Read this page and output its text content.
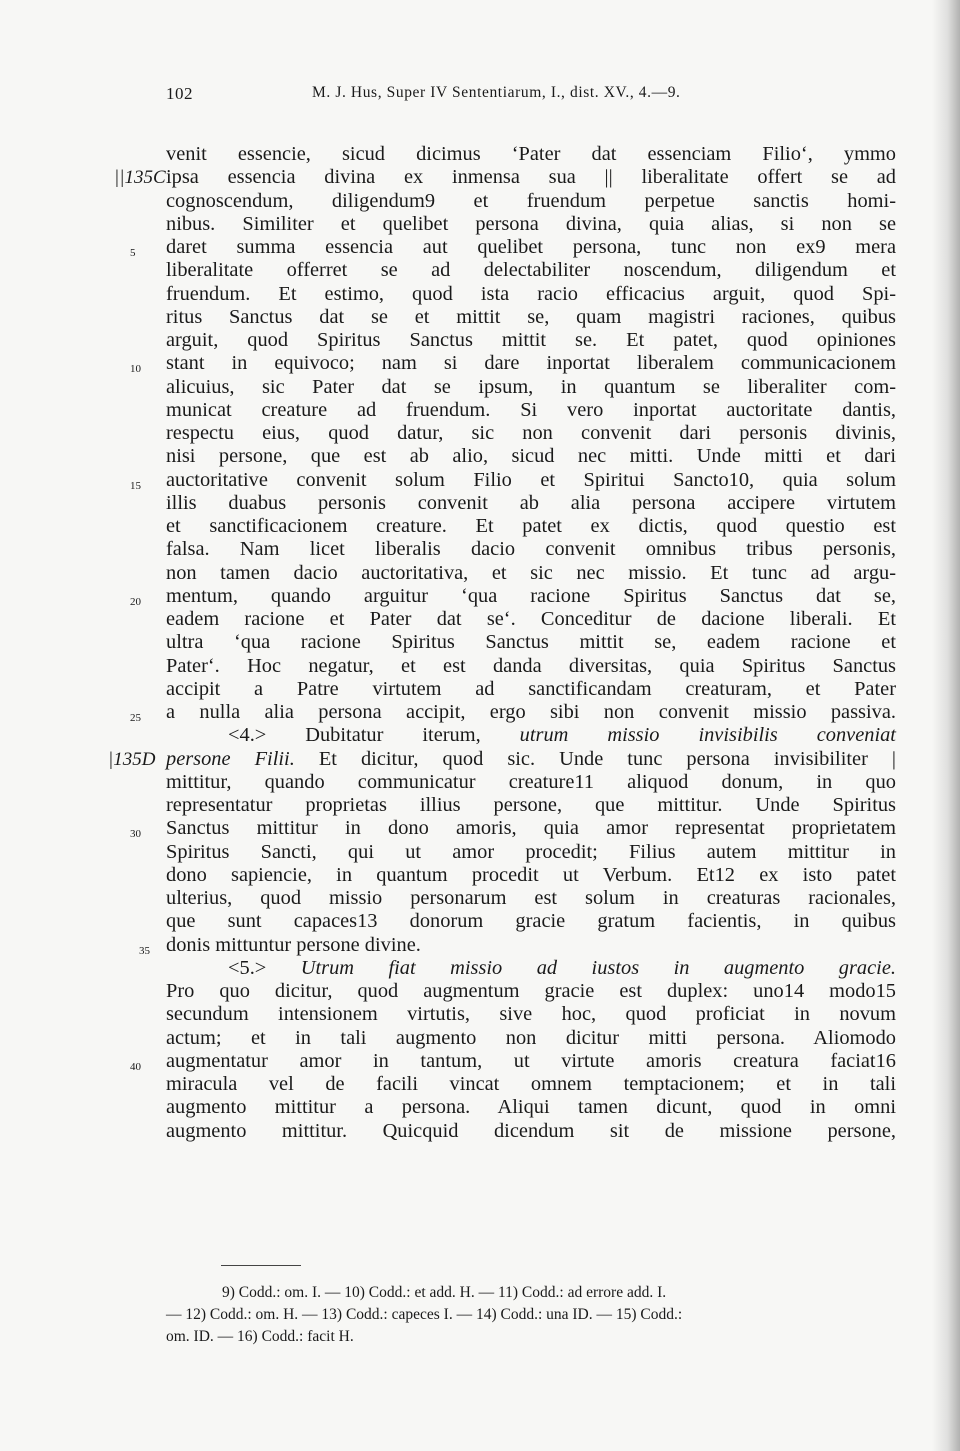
102	M. J. Hus, Super IV Sententiarum, I., dist. XV., 4.—9.
venit essencie, sicud dicimus ‘Pater dat essenciam Filio‘, ymmo
||135C ipsa essencia divina ex inmensa sua || liberalitate offert se ad
cognoscendum, diligendum9 et fruendum perpetue sanctis homi-
nibus. Similiter et quelibet persona divina, quia alias, si non se
5	daret summa essencia aut quelibet persona, tunc non ex9 mera
liberalitate offerret se ad delectabiliter noscendum, diligendum et
fruendum. Et estimo, quod ista racio efficacius arguit, quod Spi-
ritus Sanctus dat se et mittit se, quam magistri raciones, quibus
arguit, quod Spiritus Sanctus mittit se. Et patet, quod opiniones
10	stant in equivoco; nam si dare inportat liberalem communicacionem
alicuius, sic Pater dat se ipsum, in quantum se liberaliter com-
municat creature ad fruendum. Si vero inportat auctoritate dantis,
respectu eius, quod datur, sic non convenit dari personis divinis,
nisi persone, que est ab alio, sicud nec mitti. Unde mitti et dari
15	auctoritative convenit solum Filio et Spiritui Sancto10, quia solum
illis duabus personis convenit ab alia persona accipere virtutem
et sanctificacionem creature. Et patet ex dictis, quod questio est
falsa. Nam licet liberalis dacio convenit omnibus tribus personis,
non tamen dacio auctoritativa, et sic nec missio. Et tunc ad argu-
20	mentum, quando arguitur ‘qua racione Spiritus Sanctus dat se,
eadem racione et Pater dat se‘. Conceditur de dacione liberali. Et
ultra ‘qua racione Spiritus Sanctus mittit se, eadem racione et
Pater‘. Hoc negatur, et est danda diversitas, quia Spiritus Sanctus
accipit a Patre virtutem ad sanctificandam creaturam, et Pater
25	a nulla alia persona accipit, ergo sibi non convenit missio passiva.
<4.> Dubitatur iterum, utrum missio invisibilis conveniat
|135D persone Filii. Et dicitur, quod sic. Unde tunc persona invisibiliter |
mittitur, quando communicatur creature11 aliquod donum, in quo
representatur proprietas illius persone, que mittitur. Unde Spiritus
30	Sanctus mittitur in dono amoris, quia amor representat proprietatem
Spiritus Sancti, qui ut amor procedit; Filius autem mittitur in
dono sapiencie, in quantum procedit ut Verbum. Et12 ex isto patet
ulterius, quod missio personarum est solum in creaturas racionales,
que sunt capaces13 donorum gracie gratum facientis, in quibus
35 donis mittuntur persone divine.
<5.> Utrum fiat missio ad iustos in augmento gracie.
Pro quo dicitur, quod augmentum gracie est duplex: uno14 modo15
secundum intensionem virtutis, sive hoc, quod proficiat in novum
actum; et in tali augmento non dicitur mitti persona. Aliomodo
40	augmentatur amor in tantum, ut virtute amoris creatura faciat16
miracula vel de facili vincat omnem temptacionem; et in tali
augmento mittitur a persona. Aliqui tamen dicunt, quod in omni
augmento mittitur. Quicquid dicendum sit de missione persone,
9) Codd.: om. I. — 10) Codd.: et add. H. — 11) Codd.: ad errore add. I.
— 12) Codd.: om. H. — 13) Codd.: capeces I. — 14) Codd.: una ID. — 15) Codd.:
om. ID. — 16) Codd.: facit H.
